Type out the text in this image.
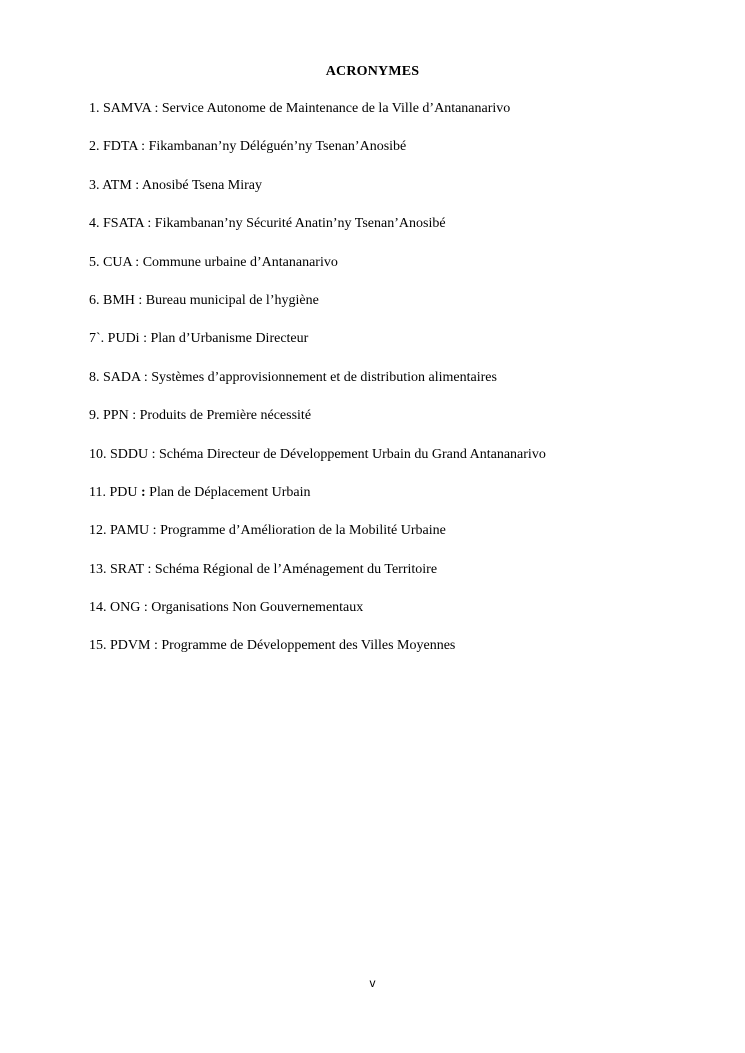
ACRONYMES
1. SAMVA : Service Autonome de Maintenance de la Ville d’Antananarivo
2. FDTA : Fikambanan’ny Déléguén’ny Tsenan’Anosibé
3. ATM : Anosibé Tsena Miray
4. FSATA : Fikambanan’ny Sécurité Anatin’ny Tsenan’Anosibé
5. CUA : Commune urbaine d’Antananarivo
6. BMH : Bureau municipal de l’hygiène
7`. PUDi : Plan d’Urbanisme Directeur
8. SADA : Systèmes d’approvisionnement et de distribution alimentaires
9. PPN : Produits de Première nécessité
10. SDDU : Schéma Directeur de Développement Urbain du Grand Antananarivo
11. PDU : Plan de Déplacement Urbain
12. PAMU : Programme d’Amélioration de la Mobilité Urbaine
13. SRAT : Schéma Régional de l’Aménagement du Territoire
14. ONG : Organisations Non Gouvernementaux
15. PDVM : Programme de Développement des Villes Moyennes
v
